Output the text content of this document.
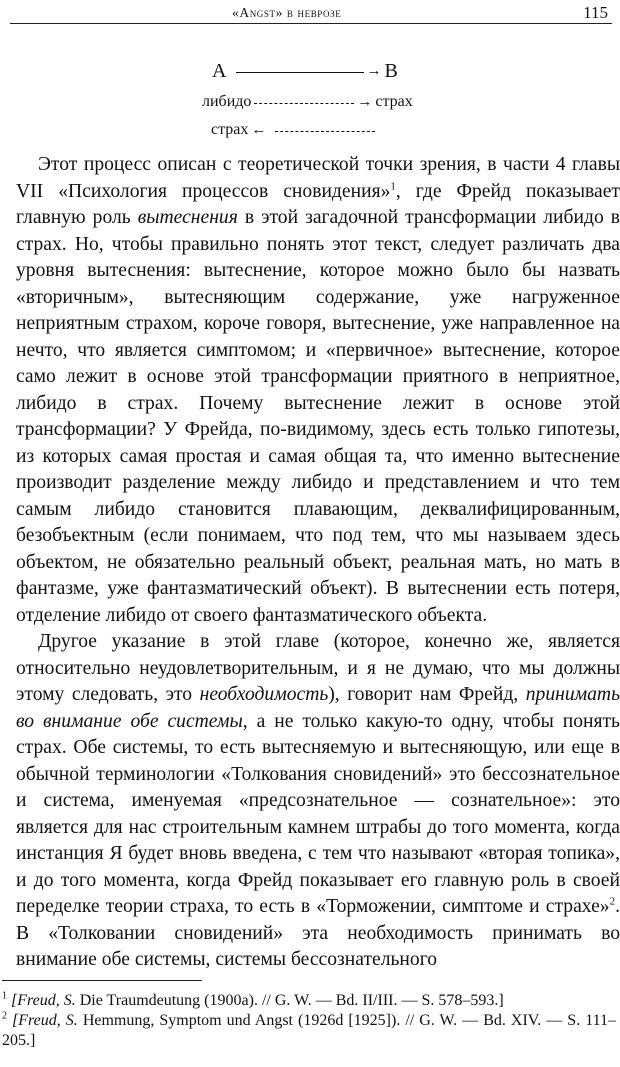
«Angst» в неврозе	115
A	→ B
либидо	→ страх
страх ←

Этот процесс описан с теоретической точки зрения, в части 4 главы VII «Психология процессов сновидения»$^1$, где Фрейд показывает главную роль вытеснения в этой загадочной трансформации либидо в страх. Но, чтобы правильно понять этот текст, следует различать два уровня вытеснения: вытеснение, которое можно было бы назвать «вторичным», вытесняющим содержание, уже нагруженное неприятным страхом, короче говоря, вытеснение, уже направленное на нечто, что является симптомом; и «первичное» вытеснение, которое само лежит в основе этой трансформации приятного в неприятное, либидо в страх. Почему вытеснение лежит в основе этой трансформации? У Фрейда, по-видимому, здесь есть только гипотезы, из которых самая простая и самая общая та, что именно вытеснение производит разделение между либидо и представлением и что тем самым либидо становится плавающим, деквалифицированным, безобъектным (если понимаем, что под тем, что мы называем здесь объектом, не обязательно реальный объект, реальная мать, но мать в фантазме, уже фантазматический объект). В вытеснении есть потеря, отделение либидо от своего фантазматического объекта.

Другое указание в этой главе (которое, конечно же, является относительно неудовлетворительным, и я не думаю, что мы должны этому следовать, это необходимость), говорит нам Фрейд, принимать во внимание обе системы, а не только какую-то одну, чтобы понять страх. Обе системы, то есть вытесняемую и вытесняющую, или еще в обычной терминологии «Толкования сновидений» это бессознательное и система, именуемая «предсознательное — сознательное»: это является для нас строительным камнем штрабы до того момента, когда инстанция Я будет вновь введена, с тем что называют «вторая топика», и до того момента, когда Фрейд показывает его главную роль в своей переделке теории страха, то есть в «Торможении, симптоме и страхе»$^2$. В «Толковании сновидений» эта необходимость принимать во внимание обе системы, системы бессознательного

$^1$ [Freud, S. Die Traumdeutung (1900a). // G. W. — Bd. II/III. — S. 578–593.]

$^2$ [Freud, S. Hemmung, Symptom und Angst (1926d [1925]). // G. W. — Bd. XIV. — S. 111–205.]
